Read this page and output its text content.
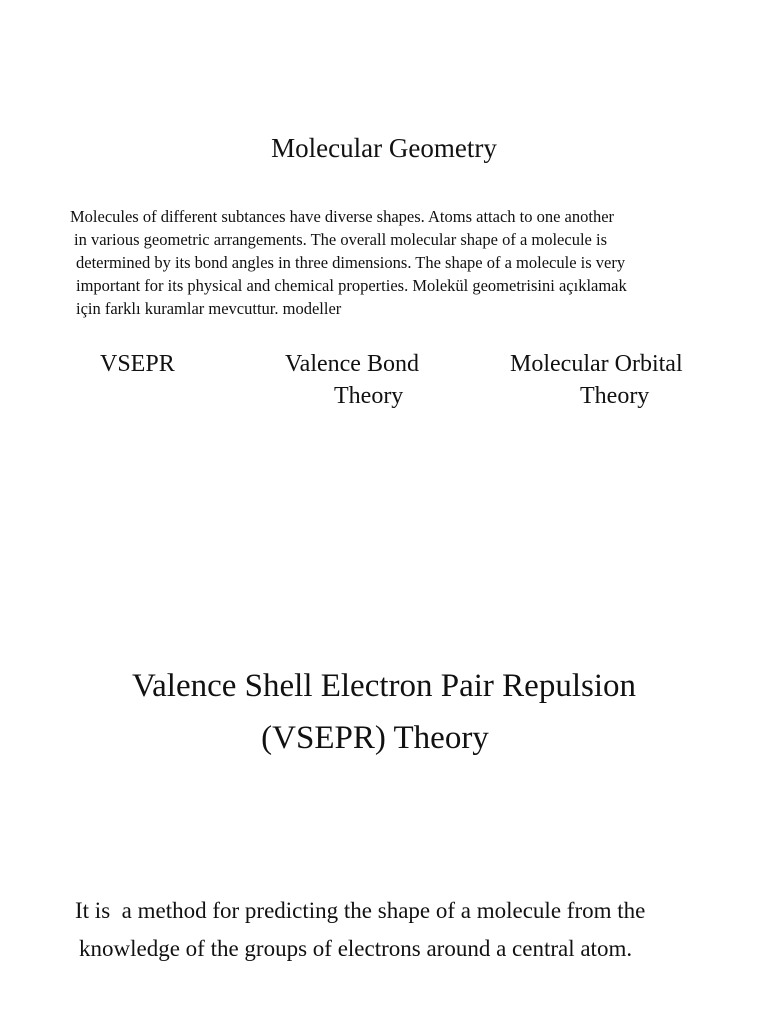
Molecular Geometry

Molecules of different subtances have diverse shapes. Atoms attach to one another
in various geometric arrangements. The overall molecular shape of a molecule is
determined by its bond angles in three dimensions. The shape of a molecule is very
important for its physical and chemical properties. Molekül geometrisini açıklamak
için farklı kuramlar mevcuttur. modeller

VSEPR	Valence Bond
Theory
Molecular Orbital
Theory
Valence Shell Electron Pair Repulsion
(VSEPR) Theory

It is  a method for predicting the shape of a molecule from the
knowledge of the groups of electrons around a central atom.
